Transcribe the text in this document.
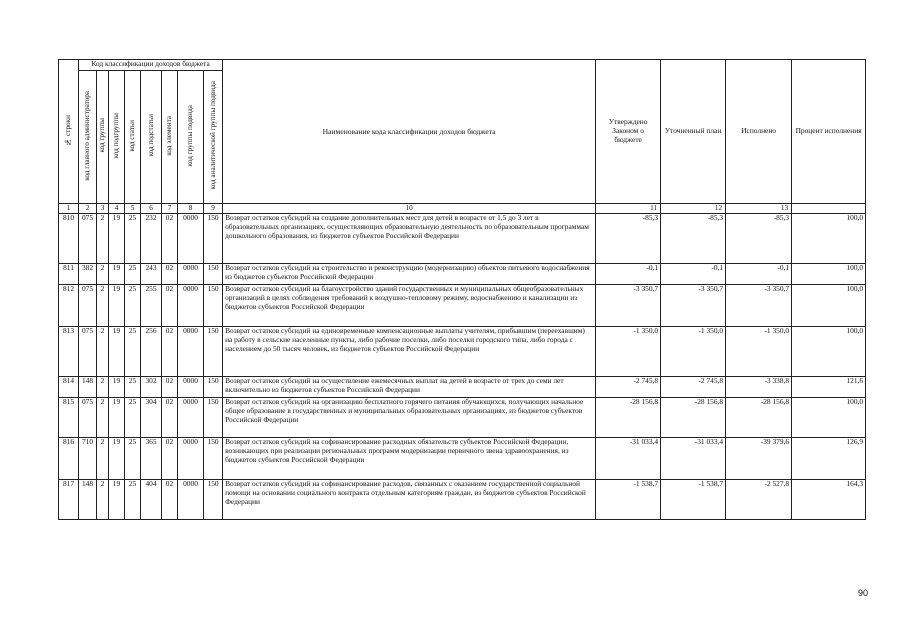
№ строки	Код классификации доходов бюджета								Наименование кода классификации доходов бюджета	Утверждено Законом о бюджете	Уточненный план	Исполнено	Процент исполнения
	код главного администратора	код группы	код подгруппы	код статьи	код подстатьи	код элемента	код группы подвида	код аналитической группы подвида					
1	2	3	4	5	6	7	8	9	10	11	12	13	
810	075	2	19	25	232	02	0000	150	Возврат остатков субсидий на создание дополнительных мест для детей в возрасте от 1,5 до 3 лет в образовательных организациях, осуществляющих образовательную деятельность по образовательным программам дошкольного образования, из бюджетов субъектов Российской Федерации	-85,3	-85,3	-85,3	100,0
811	382	2	19	25	243	02	0000	150	Возврат остатков субсидий на строительство и реконструкцию (модернизацию) объектов питьевого водоснабжения из бюджетов субъектов Российской Федерации	-0,1	-0,1	-0,1	100,0
812	075	2	19	25	255	02	0000	150	Возврат остатков субсидий на благоустройство зданий государственных и муниципальных общеобразовательных организаций в целях соблюдения требований к воздушно-тепловому режиму, водоснабжению и канализации из бюджетов субъектов Российской Федерации	-3 350,7	-3 350,7	-3 350,7	100,0
813	075	2	19	25	256	02	0000	150	Возврат остатков субсидий на единовременные компенсационные выплаты учителям, прибывшим (переехавшим) на работу в сельские населенные пункты, либо рабочие поселки, либо поселки городского типа, либо города с населением до 50 тысяч человек, из бюджетов субъектов Российской Федерации	-1 350,0	-1 350,0	-1 350,0	100,0
814	148	2	19	25	302	02	0000	150	Возврат остатков субсидий на осуществление ежемесячных выплат на детей в возрасте от трех до семи лет включительно из бюджетов субъектов Российской Федерации	-2 745,8	-2 745,8	-3 338,8	121,6
815	075	2	19	25	304	02	0000	150	Возврат остатков субсидий на организацию бесплатного горячего питания обучающихся, получающих начальное общее образование в государственных и муниципальных образовательных организациях, из бюджетов субъектов Российской Федерации	-28 156,8	-28 156,8	-28 156,8	100,0
816	710	2	19	25	365	02	0000	150	Возврат остатков субсидий на софинансирование расходных обязательств субъектов Российской Федерации, возникающих при реализации региональных программ модернизации первичного звена здравоохранения, из бюджетов субъектов Российской Федерации	-31 033,4	-31 033,4	-39 379,6	126,9
817	148	2	19	25	404	02	0000	150	Возврат остатков субсидий на софинансирование расходов, связанных с оказанием государственной социальной помощи на основании социального контракта отдельным категориям граждан, из бюджетов субъектов Российской Федерации	-1 538,7	-1 538,7	-2 527,8	164,3
90
